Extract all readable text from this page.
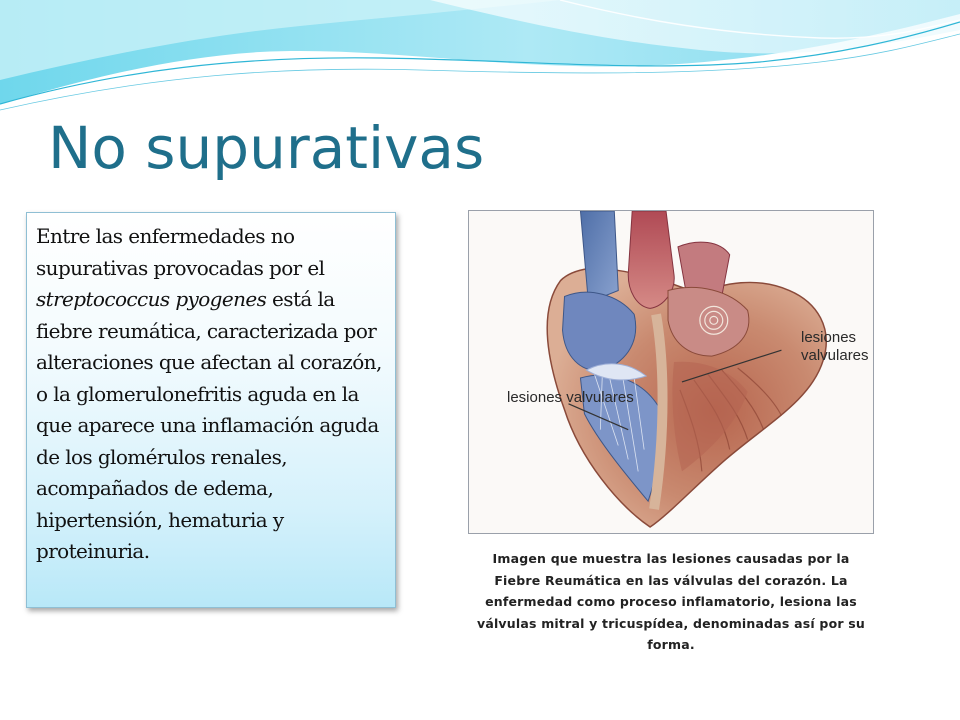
No supurativas

Entre las enfermedades no supurativas provocadas por el streptococcus pyogenes está la fiebre reumática, caracterizada por alteraciones que afectan al corazón, o la glomerulonefritis aguda en la que aparece una inflamación aguda de los glomérulos renales, acompañados de edema, hipertensión, hematuria y proteinuria.

lesiones valvulares
lesiones valvulares
Imagen que muestra las lesiones causadas por la Fiebre Reumática en las válvulas del corazón. La enfermedad como proceso inflamatorio, lesiona las válvulas mitral y tricuspídea, denominadas así por su forma.
